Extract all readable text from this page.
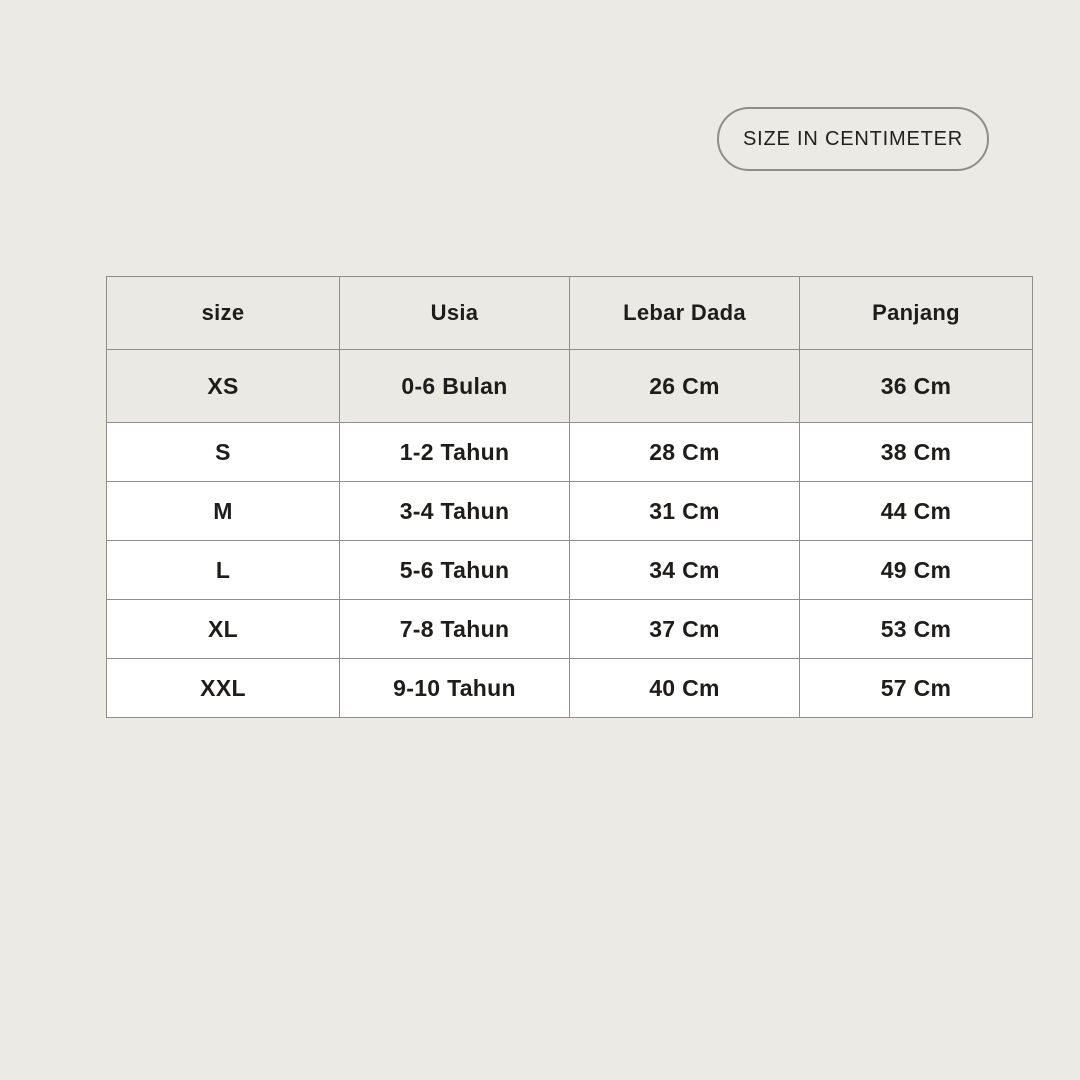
SIZE IN CENTIMETER
size	Usia	Lebar Dada	Panjang
XS	0-6 Bulan	26 Cm	36 Cm
S	1-2 Tahun	28 Cm	38 Cm
M	3-4 Tahun	31 Cm	44 Cm
L	5-6 Tahun	34 Cm	49 Cm
XL	7-8 Tahun	37 Cm	53 Cm
XXL	9-10 Tahun	40 Cm	57 Cm
